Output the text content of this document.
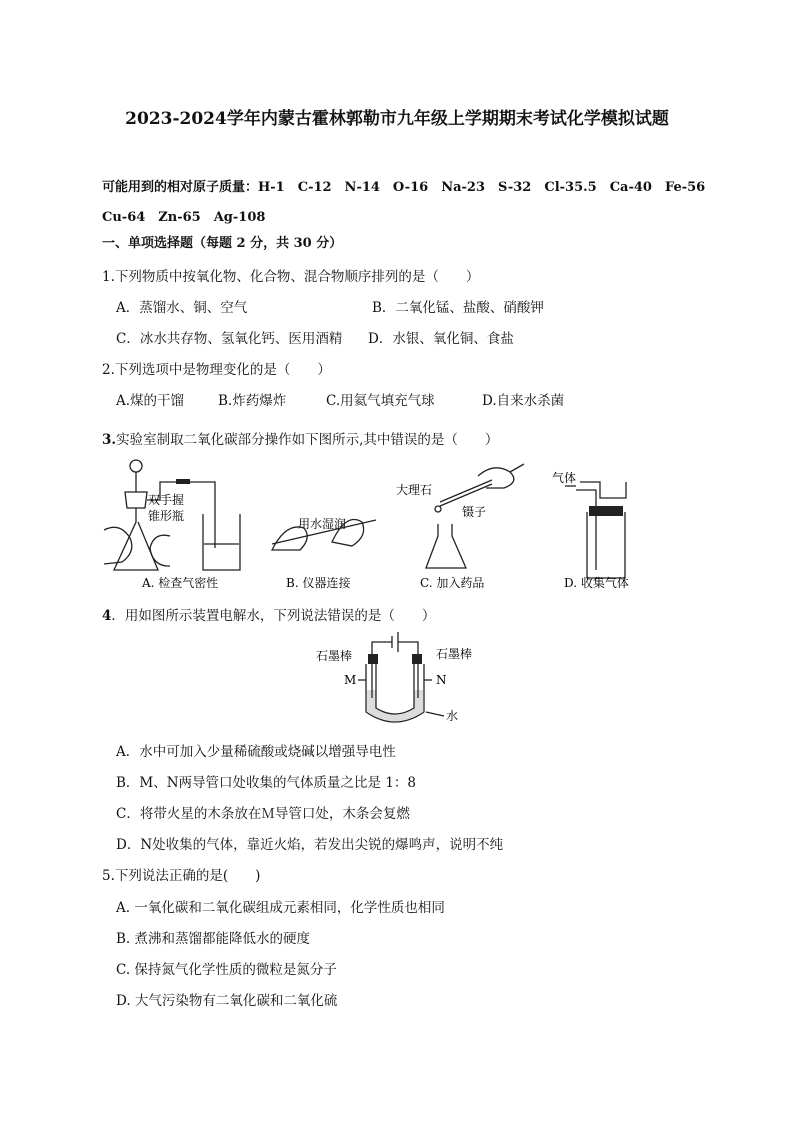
2023-2024学年内蒙古霍林郭勒市九年级上学期期末考试化学模拟试题
可能用到的相对原子质量：H-1　C-12　N-14　O-16　Na-23　S-32　Cl-35.5　Ca-40　Fe-56
Cu-64　Zn-65　Ag-108
一、单项选择题（每题 2 分，共 30 分）
1.下列物质中按氧化物、化合物、混合物顺序排列的是（　　）
A．蒸馏水、铜、空气	B．二氧化锰、盐酸、硝酸钾
C．冰水共存物、氢氧化钙、医用酒精 D．水银、氧化铜、食盐
2.下列选项中是物理变化的是（　　）
A.煤的干馏	B.炸药爆炸	C.用氦气填充气球	D.自来水杀菌
3.实验室制取二氧化碳部分操作如下图所示,其中错误的是（　　）
双手握
锥形瓶
A. 检查气密性
用水湿润
B. 仪器连接
大理石
镊子
C. 加入药品
气体
D. 收集气体
4．用如图所示装置电解水，下列说法错误的是（　　）
石墨棒	石墨棒
M	N
水
A．水中可加入少量稀硫酸或烧碱以增强导电性
B．M、N两导管口处收集的气体质量之比是 1：8
C．将带火星的木条放在Ｍ导管口处，木条会复燃
D．N处收集的气体，靠近火焰，若发出尖锐的爆鸣声，说明不纯
5.下列说法正确的是(　　)
A. 一氧化碳和二氧化碳组成元素相同，化学性质也相同
B. 煮沸和蒸馏都能降低水的硬度
C. 保持氮气化学性质的微粒是氮分子
D. 大气污染物有二氧化碳和二氧化硫
